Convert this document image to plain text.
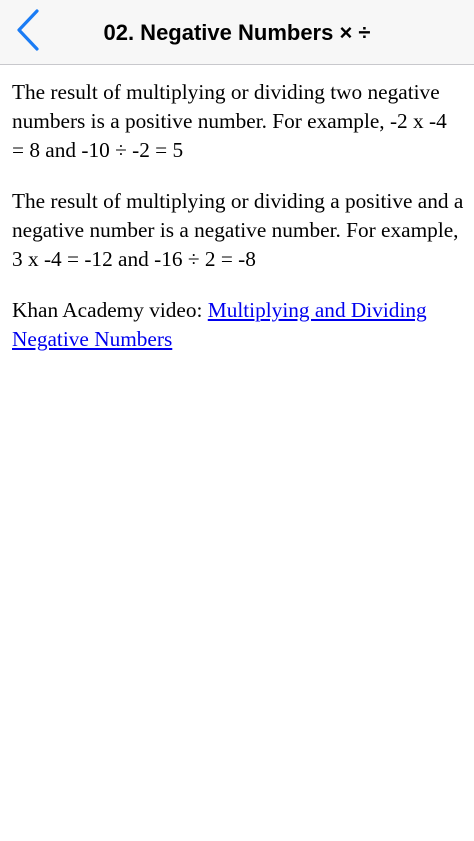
02. Negative Numbers × ÷

The result of multiplying or dividing two negative numbers is a positive number. For example, -2 x -4 = 8 and -10 ÷ -2 = 5

The result of multiplying or dividing a positive and a negative number is a negative number. For example, 3 x -4 = -12 and -16 ÷ 2 = -8

Khan Academy video: Multiplying and Dividing Negative Numbers
